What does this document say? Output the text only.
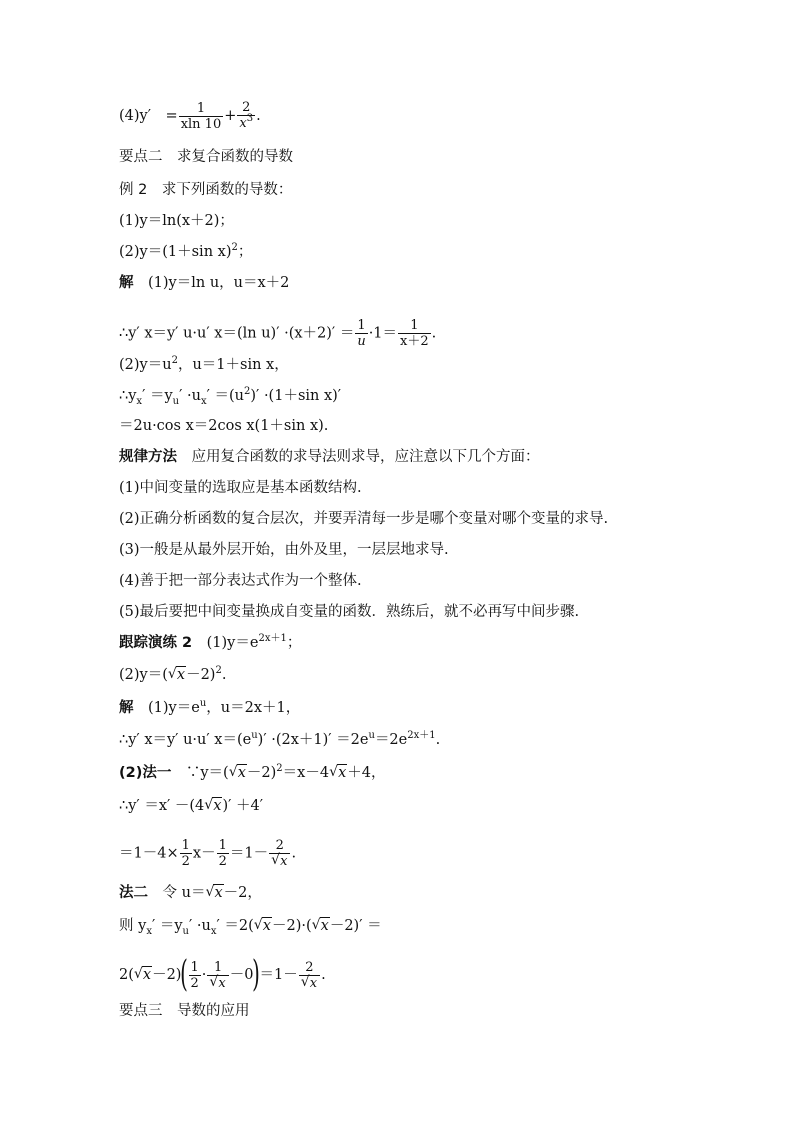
(4)y′　= $\frac{1}{xln 10} + \frac{2}{x^3}$ .
要点二　求复合函数的导数
例 2　求下列函数的导数：
(1)y＝ln(x＋2)；
(2)y＝(1＋sin x)$^2$；
解　(1)y＝ln u，u＝x＋2
∴y′ x＝y′ u·u′ x＝(ln $u)' \cdot(x+2)' = \frac{1}{u} \cdot 1= \frac{1}{x+2}$ .
$(2)y=u^2$，u＝1＋sin x，
$\therefore y_x' =y_u' \cdot u_x' =(u^2)' \cdot(1+\sin$ x)′
＝2u·cos x＝2cos x(1＋sin x).
规律方法　应用复合函数的求导法则求导，应注意以下几个方面：
(1)中间变量的选取应是基本函数结构.
(2)正确分析函数的复合层次，并要弄清每一步是哪个变量对哪个变量的求导.
(3)一般是从最外层开始，由外及里，一层层地求导.
(4)善于把一部分表达式作为一个整体.
(5)最后要把中间变量换成自变量的函数．熟练后，就不必再写中间步骤.
跟踪演练 2　$(1)y=e^{2x+1}$；
(2)y＝( √ x－2)$^2$.
解　$(1)y=e^u$，u＝2x＋1，
∴y′ x＝y′ u·u′ $x=(e^u)' \cdot(2x+1)' =2e^u=2e^{2x+1}$.
(2)法一　∵y＝( √ x－2)$^2$＝x－4 √ x＋4，
∴y′ ＝x′ －(4 √ x)′ ＋4′
$=1-4\times \frac{1}{2} x- \frac{1}{2} =1- \frac{2}{√ x}$ .
法二　令 u＝ √ x－2，
则 $y_x' =y_u' \cdot u_x' =2$( √ x－2)·( √ x－2)′ ＝
2( √ $x-2)( \frac{1}{2} \cdot \frac{1}{√ x} -0)=1- \frac{2}{√ x}$ .
要点三　导数的应用
